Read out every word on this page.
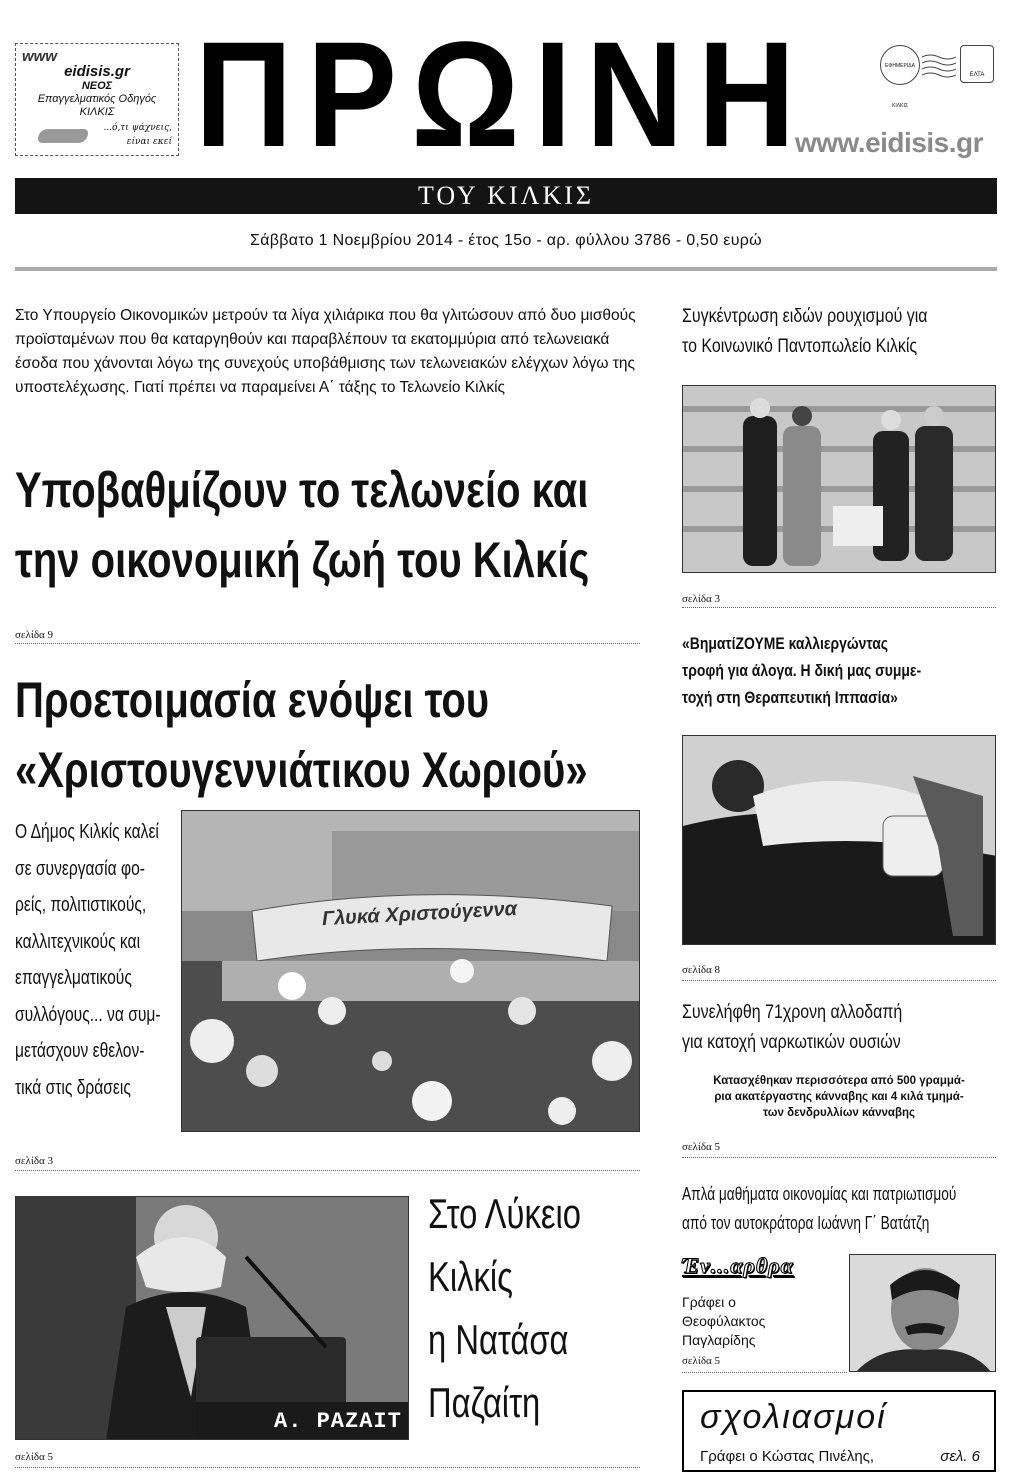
www
eidisis.gr
ΝΕΟΣ
Επαγγελματικός Οδηγός
ΚΙΛΚΙΣ
...ό,τι ψάχνεις,
είναι εκεί ΠΡΩΙΝΗ	ΕΦΗΜΕΡΙΔΑ ΚΙΛΚΙΣ
ΕΛΤΑ
www.eidisis.gr
ΤΟΥ ΚΙΛΚΙΣ
Σάββατο 1 Νοεμβρίου 2014 - έτος 15ο - αρ. φύλλου 3786 - 0,50 ευρώ
Στο Υπουργείο Οικονομικών μετρούν τα λίγα χιλιάρικα που θα γλιτώσουν από δυο μισθούς προϊσταμένων που θα καταργηθούν και παραβλέπουν τα εκατομμύρια από τελωνειακά έσοδα που χάνονται λόγω της συνεχούς υποβάθμισης των τελωνειακών ελέγχων λόγω της υποστελέχωσης. Γιατί πρέπει να παραμείνει Α΄ τάξης το Τελωνείο Κιλκίς
Υποβαθμίζουν το τελωνείο και
την οικονομική ζωή του Κιλκίς
σελίδα 9
Προετοιμασία ενόψει του
«Χριστουγεννιάτικου Χωριού»
Ο Δήμος Κιλκίς καλεί
σε συνεργασία φο-
ρείς, πολιτιστικούς,
καλλιτεχνικούς και
επαγγελματικούς
συλλόγους... να συμ-
μετάσχουν εθελον-
τικά στις δράσεις
Γλυκά Χριστούγεννα
σελίδα 3
A. PAZAIT
Στο Λύκειο
Κιλκίς
η Νατάσα
Παζαίτη
σελίδα 5
Συγκέντρωση ειδών ρουχισμού για
το Κοινωνικό Παντοπωλείο Κιλκίς
σελίδα 3
«ΒηματίΖΟΥΜΕ καλλιεργώντας
τροφή για άλογα. Η δική μας συμμε-
τοχή στη Θεραπευτική Ιππασία»
σελίδα 8
Συνελήφθη 71χρονη αλλοδαπή
για κατοχή ναρκωτικών ουσιών
Κατασχέθηκαν περισσότερα από 500 γραμμά-
ρια ακατέργαστης κάνναβης και 4 κιλά τμημά-
των δενδρυλλίων κάνναβης
σελίδα 5
Απλά μαθήματα οικονομίας και πατριωτισμού
από τον αυτοκράτορα Ιωάννη Γ΄ Βατάτζη
Έν...αρθρα
Γράφει ο
Θεοφύλακτος
Παγλαρίδης
σελίδα 5
σχολιασμοί
Γράφει ο Κώστας Πινέλης,	σελ. 6
